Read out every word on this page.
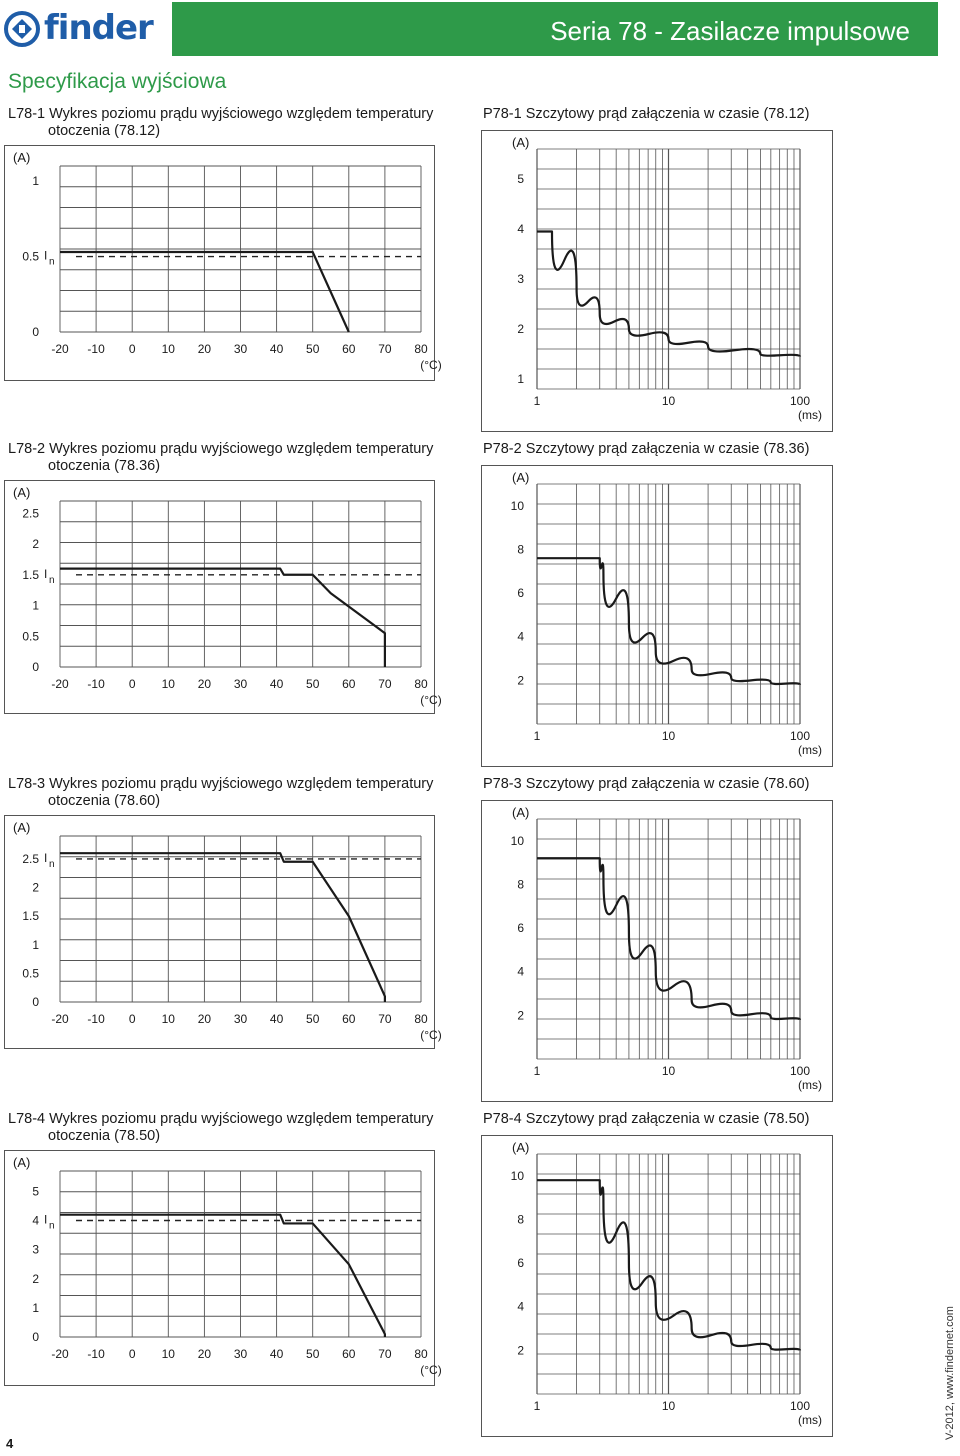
finder	Seria 78 - Zasilacze impulsowe
Specyfikacja wyjściowa
L78-1 Wykres poziomu prądu wyjściowego względem temperatury
otoczenia (78.12)
L78-2 Wykres poziomu prądu wyjściowego względem temperatury
otoczenia (78.36)
L78-3 Wykres poziomu prądu wyjściowego względem temperatury
otoczenia (78.60)
L78-4 Wykres poziomu prądu wyjściowego względem temperatury
otoczenia (78.50)
P78-1 Szczytowy prąd załączenia w czasie (78.12)
P78-2 Szczytowy prąd załączenia w czasie (78.36)
P78-3 Szczytowy prąd załączenia w czasie (78.60)
P78-4 Szczytowy prąd załączenia w czasie (78.50)
(A)
0
0.5
1
-20 -10 0 10 20 30 40 50 60 70 80
(°C)
I n
(A)
0
0.5
1
1.5
2
2.5
-20 -10 0 10 20 30 40 50 60 70 80
(°C)
I n
(A)
0
0.5
1
1.5
2
2.5
-20 -10 0 10 20 30 40 50 60 70 80
(°C)
I n
(A)
0
1
2
3
4
5
-20 -10 0 10 20 30 40 50 60 70 80
(°C)
I n
(A)
1
2
3
4
5
1	10	100
(ms)
(A)
2
4
6
8
10
1	10	100
(ms)
(A)
2
4
6
8
10
1	10	100
(ms)
(A)
2
4
6
8
10
1	10	100
(ms)
4
V-2012, www.findernet.com
